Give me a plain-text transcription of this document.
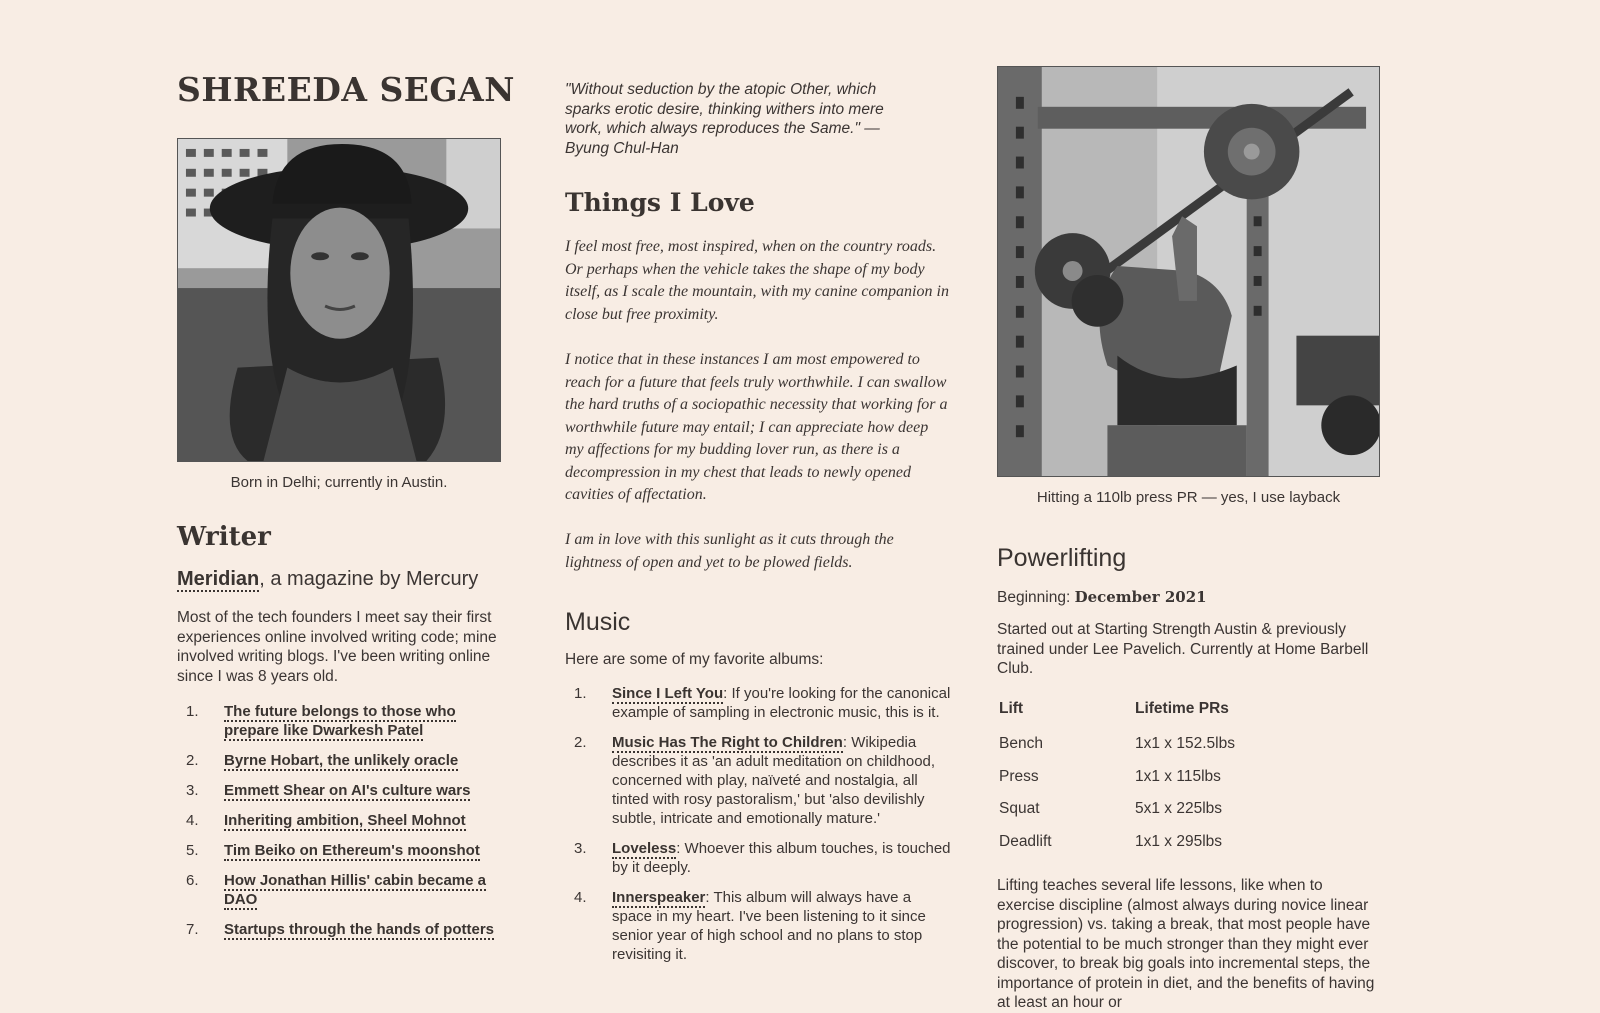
SHREEDA SEGAN
Born in Delhi; currently in Austin.
Writer
Meridian, a magazine by Mercury

Most of the tech founders I meet say their first experiences online involved writing code; mine involved writing blogs. I've been writing online since I was 8 years old.

1. The future belongs to those who prepare like Dwarkesh Patel
2. Byrne Hobart, the unlikely oracle
3. Emmett Shear on AI's culture wars
4. Inheriting ambition, Sheel Mohnot
5. Tim Beiko on Ethereum's moonshot
6. How Jonathan Hillis' cabin became a DAO
7. Startups through the hands of potters

"Without seduction by the atopic Other, which sparks erotic desire, thinking withers into mere work, which always reproduces the Same." — Byung Chul-Han

Things I Love

I feel most free, most inspired, when on the country roads. Or perhaps when the vehicle takes the shape of my body itself, as I scale the mountain, with my canine companion in close but free proximity.

I notice that in these instances I am most empowered to reach for a future that feels truly worthwhile. I can swallow the hard truths of a sociopathic necessity that working for a worthwhile future may entail; I can appreciate how deep my affections for my budding lover run, as there is a decompression in my chest that leads to newly opened cavities of affectation.

I am in love with this sunlight as it cuts through the lightness of open and yet to be plowed fields.

Music

Here are some of my favorite albums:

1. Since I Left You: If you're looking for the canonical example of sampling in electronic music, this is it.
2. Music Has The Right to Children: Wikipedia describes it as 'an adult meditation on childhood, concerned with play, naïveté and nostalgia, all tinted with rosy pastoralism,' but 'also devilishly subtle, intricate and emotionally mature.'
3. Loveless: Whoever this album touches, is touched by it deeply.
4. Innerspeaker: This album will always have a space in my heart. I've been listening to it since senior year of high school and no plans to stop revisiting it.
Hitting a 110lb press PR — yes, I use layback
Powerlifting
Beginning: December 2021

Started out at Starting Strength Austin & previously trained under Lee Pavelich. Currently at Home Barbell Club.

Lift	Lifetime PRs
Bench	1x1 x 152.5lbs
Press	1x1 x 115lbs
Squat	5x1 x 225lbs
Deadlift	1x1 x 295lbs

Lifting teaches several life lessons, like when to exercise discipline (almost always during novice linear progression) vs. taking a break, that most people have the potential to be much stronger than they might ever discover, to break big goals into incremental steps, the importance of protein in diet, and the benefits of having at least an hour or
